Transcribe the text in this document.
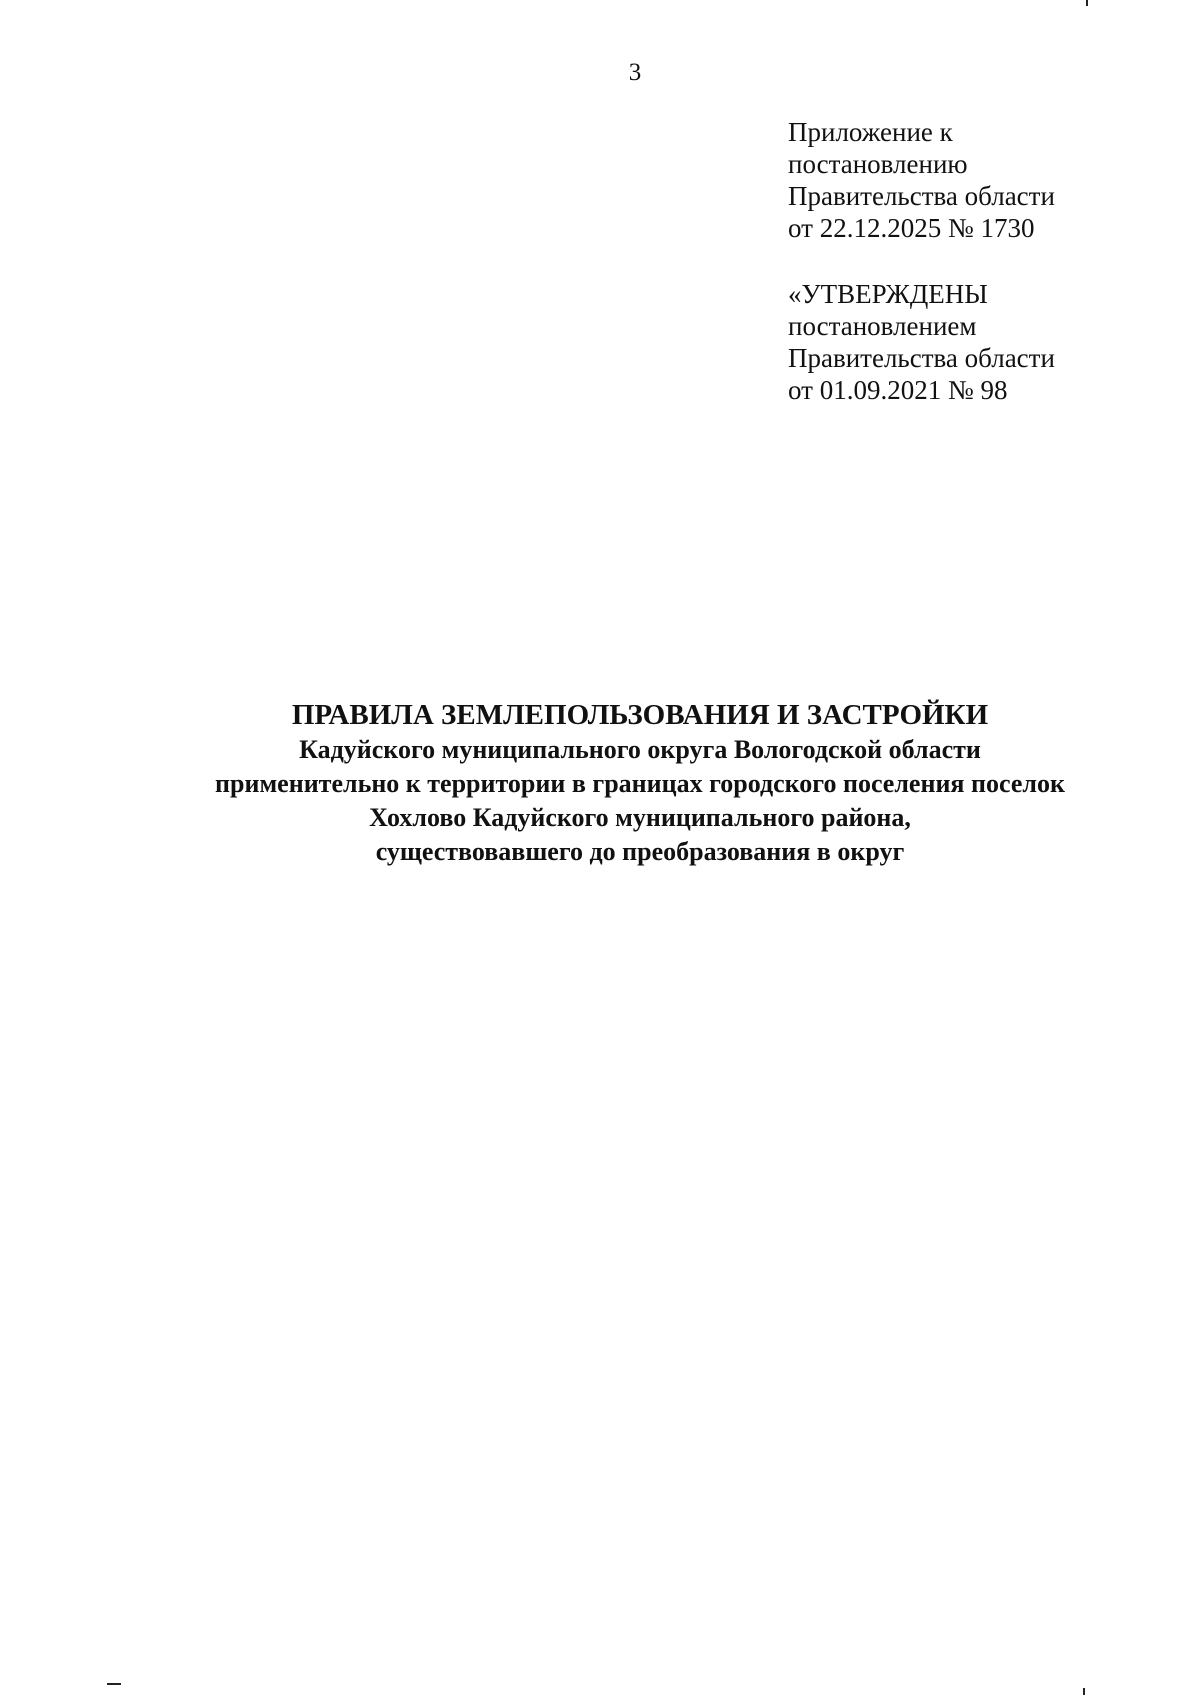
3
Приложение к
постановлению
Правительства области
от 22.12.2025 № 1730
«УТВЕРЖДЕНЫ
постановлением
Правительства области
от 01.09.2021 № 98
ПРАВИЛА ЗЕМЛЕПОЛЬЗОВАНИЯ И ЗАСТРОЙКИ
Кадуйского муниципального округа Вологодской области
применительно к территории в границах городского поселения поселок
Хохлово Кадуйского муниципального района,
существовавшего до преобразования в округ
